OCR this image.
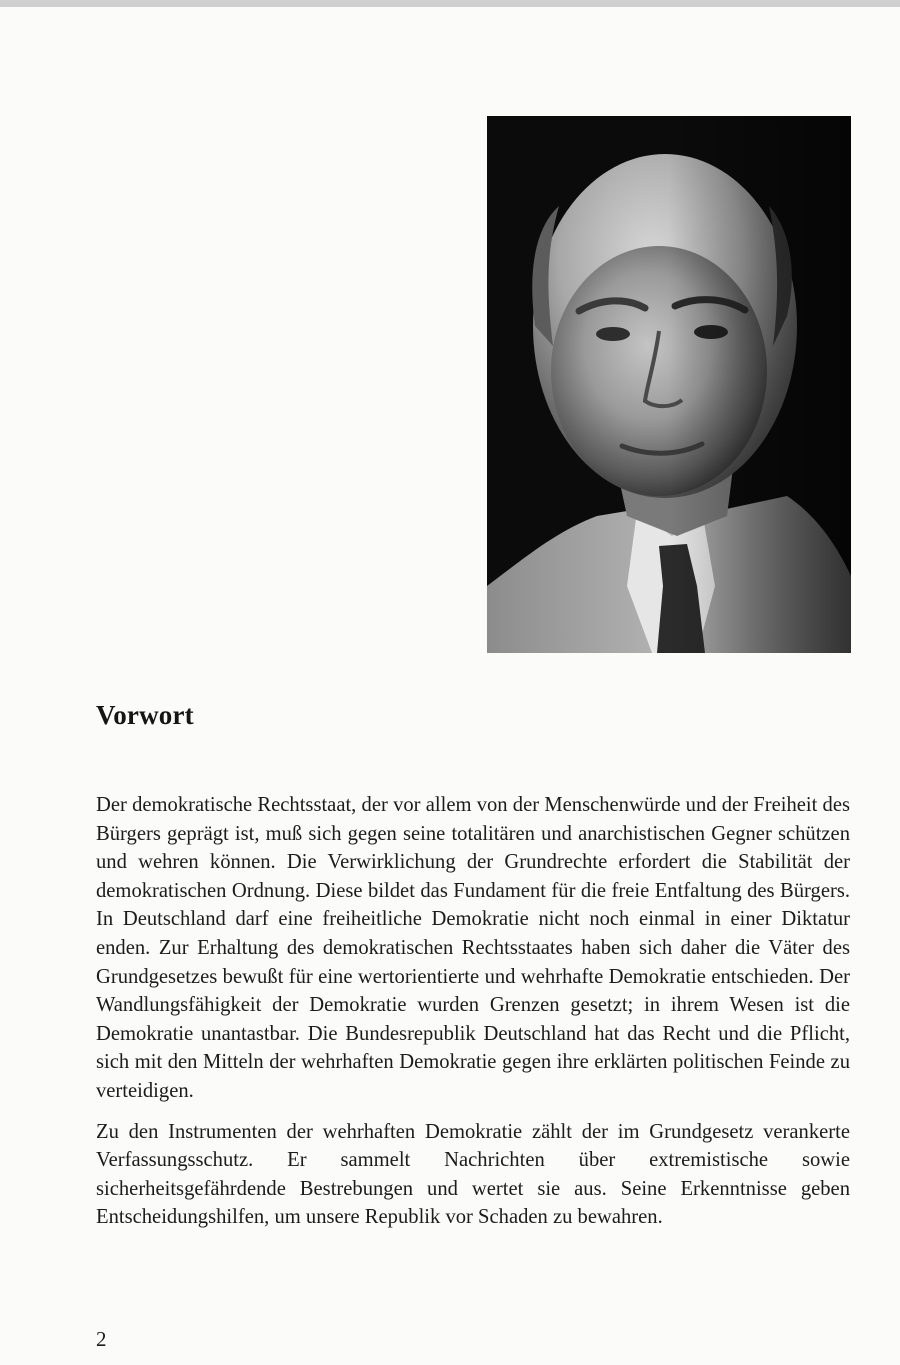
Vorwort

Der demokratische Rechtsstaat, der vor allem von der Menschenwürde und der Freiheit des Bürgers geprägt ist, muß sich gegen seine totalitären und anarchistischen Gegner schützen und wehren können. Die Verwirklichung der Grundrechte erfordert die Stabilität der demokratischen Ordnung. Diese bildet das Fundament für die freie Entfaltung des Bürgers. In Deutschland darf eine freiheitliche Demokratie nicht noch einmal in einer Diktatur enden. Zur Erhaltung des demokratischen Rechtsstaates haben sich daher die Väter des Grundgesetzes bewußt für eine wertorientierte und wehrhafte Demokratie entschieden. Der Wandlungsfähigkeit der Demokratie wurden Grenzen gesetzt; in ihrem Wesen ist die Demokratie unantastbar. Die Bundesrepublik Deutschland hat das Recht und die Pflicht, sich mit den Mitteln der wehrhaften Demokratie gegen ihre erklärten politischen Feinde zu verteidigen.

Zu den Instrumenten der wehrhaften Demokratie zählt der im Grundgesetz verankerte Verfassungsschutz. Er sammelt Nachrichten über extremistische sowie sicherheitsgefährdende Bestrebungen und wertet sie aus. Seine Erkenntnisse geben Entscheidungshilfen, um unsere Republik vor Schaden zu bewahren.

2
